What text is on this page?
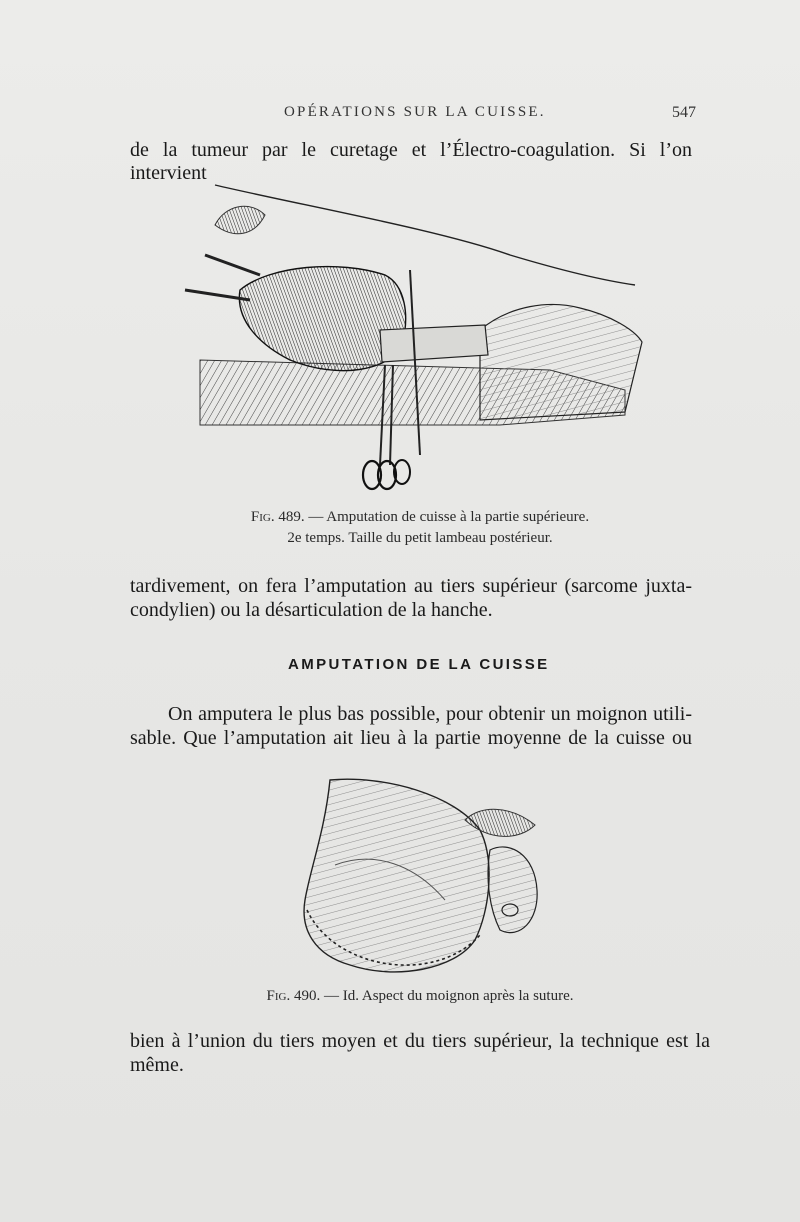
OPÉRATIONS SUR LA CUISSE.	547
de la tumeur par le curetage et l’Électro-coagulation. Si l’on intervient
Fig. 489. — Amputation de cuisse à la partie supérieure.
2e temps. Taille du petit lambeau postérieur.
tardivement, on fera l’amputation au tiers supérieur (sarcome juxta-
condylien) ou la désarticulation de la hanche.
AMPUTATION DE LA CUISSE
On amputera le plus bas possible, pour obtenir un moignon utili-
sable. Que l’amputation ait lieu à la partie moyenne de la cuisse ou
Fig. 490. — Id. Aspect du moignon après la suture.
bien à l’union du tiers moyen et du tiers supérieur, la technique est la
même.
